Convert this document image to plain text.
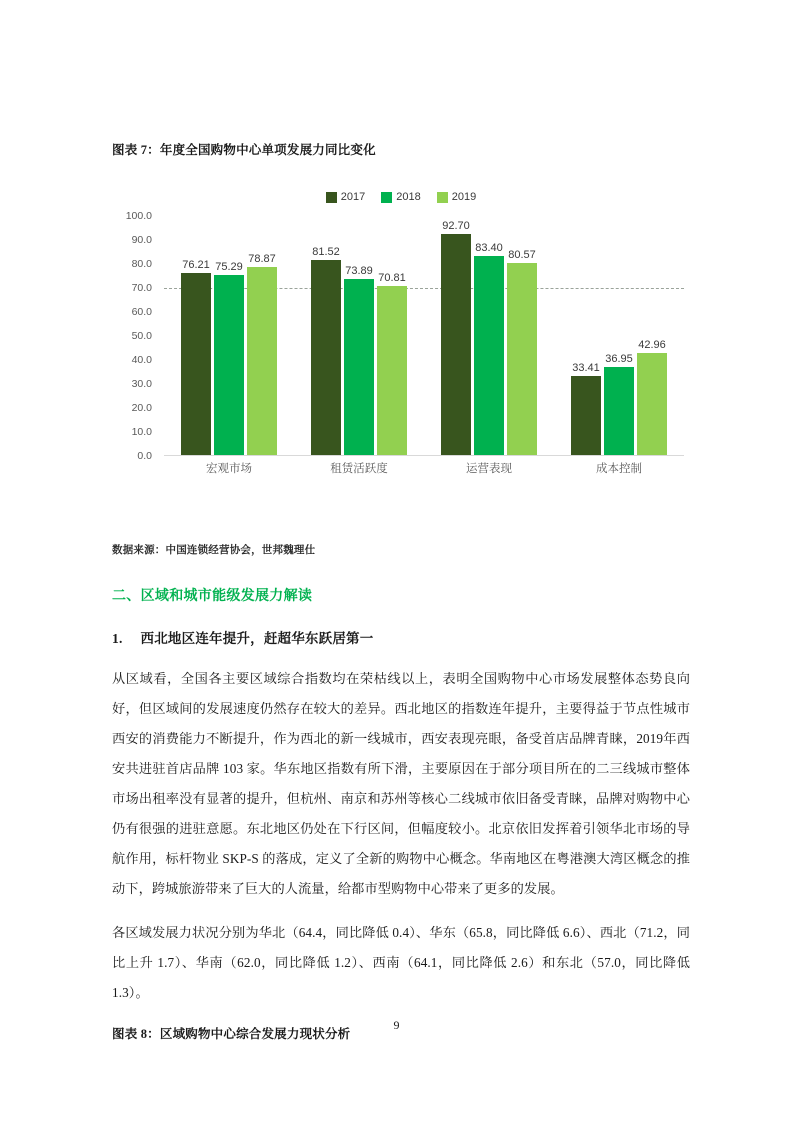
图表 7：年度全国购物中心单项发展力同比变化
2017	2018	2019
100.0
90.0
80.0
70.0
60.0
50.0
40.0
30.0
20.0
10.0
0.0
76.21 75.29
78.87
81.52
73.89
70.81
92.70
83.40
80.57
33.41
36.95
42.96
宏观市场	租赁活跃度	运营表现	成本控制
数据来源：中国连锁经营协会，世邦魏理仕
二、区域和城市能级发展力解读
1. 西北地区连年提升，赶超华东跃居第一
从区域看，全国各主要区域综合指数均在荣枯线以上，表明全国购物中心市场发展整体态势良向好，但区域间的发展速度仍然存在较大的差异。西北地区的指数连年提升，主要得益于节点性城市西安的消费能力不断提升，作为西北的新一线城市，西安表现亮眼，备受首店品牌青睐，2019年西安共进驻首店品牌 103 家。华东地区指数有所下滑，主要原因在于部分项目所在的二三线城市整体市场出租率没有显著的提升，但杭州、南京和苏州等核心二线城市依旧备受青睐，品牌对购物中心仍有很强的进驻意愿。东北地区仍处在下行区间，但幅度较小。北京依旧发挥着引领华北市场的导航作用，标杆物业 SKP-S 的落成，定义了全新的购物中心概念。华南地区在粤港澳大湾区概念的推动下，跨城旅游带来了巨大的人流量，给都市型购物中心带来了更多的发展。
各区域发展力状况分别为华北（64.4，同比降低 0.4）、华东（65.8，同比降低 6.6）、西北（71.2，同比上升 1.7）、华南（62.0，同比降低 1.2）、西南（64.1，同比降低 2.6）和东北（57.0，同比降低 1.3）。
图表 8：区域购物中心综合发展力现状分析
9
